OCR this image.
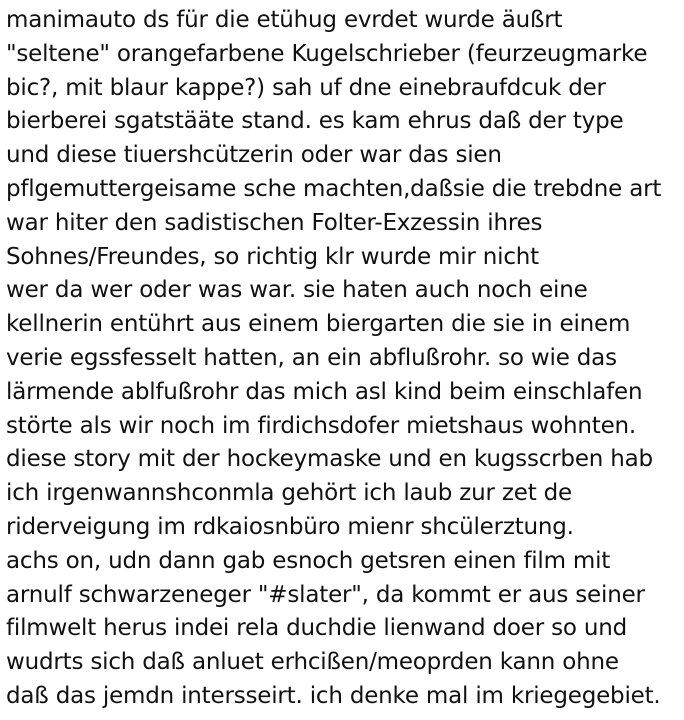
manimauto ds für die etühug evrdet wurde äußrt
"seltene" orangefarbene Kugelschrieber (feurzeugmarke
bic?, mit blaur kappe?) sah uf dne einebraufdcuk der
bierberei sgatstääte stand. es kam ehrus daß der type
und diese tiuershcützerin oder war das sien
pflgemuttergeisame sche machten,daßsie die trebdne art
war hiter den sadistischen Folter-Exzessin ihres
Sohnes/Freundes, so richtig klr wurde mir nicht
wer da wer oder was war. sie haten auch noch eine
kellnerin entührt aus einem biergarten die sie in einem
verie egssfesselt hatten, an ein abflußrohr. so wie das
lärmende ablfußrohr das mich asl kind beim einschlafen
störte als wir noch im firdichsdofer mietshaus wohnten.
diese story mit der hockeymaske und en kugsscrben hab
ich irgenwannshconmla gehört ich laub zur zet de
riderveigung im rdkaiosnbüro mienr shcülerztung.
achs on, udn dann gab esnoch getsren einen film mit
arnulf schwarzeneger "#slater", da kommt er aus seiner
filmwelt herus indei rela duchdie lienwand doer so und
wudrts sich daß anluet erhcißen/meoprden kann ohne
daß das jemdn intersseirt. ich denke mal im kriegegebiet.
